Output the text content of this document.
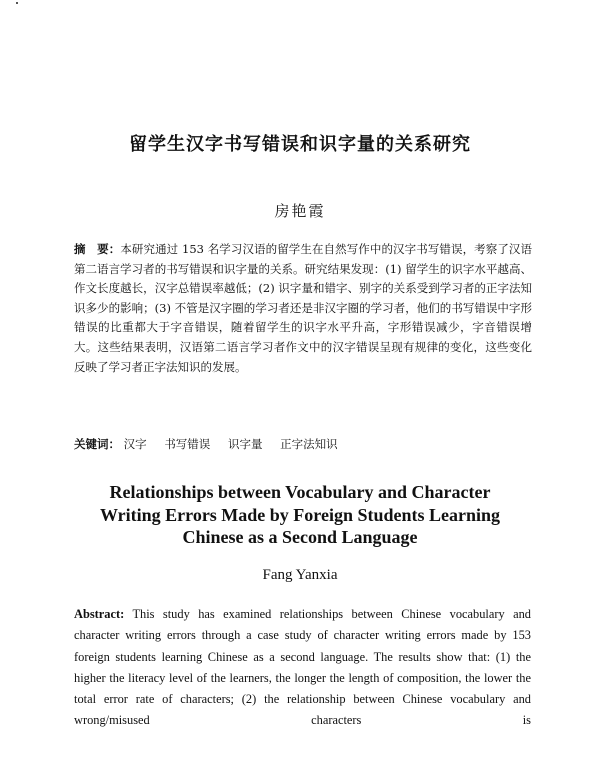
留学生汉字书写错误和识字量的关系研究
房艳霞
摘　要：本研究通过 153 名学习汉语的留学生在自然写作中的汉字书写错误，考察了汉语第二语言学习者的书写错误和识字量的关系。研究结果发现：(1) 留学生的识字水平越高、作文长度越长，汉字总错误率越低；(2) 识字量和错字、别字的关系受到学习者的正字法知识多少的影响；(3) 不管是汉字圈的学习者还是非汉字圈的学习者，他们的书写错误中字形错误的比重都大于字音错误，随着留学生的识字水平升高，字形错误减少，字音错误增大。这些结果表明，汉语第二语言学习者作文中的汉字错误呈现有规律的变化，这些变化反映了学习者正字法知识的发展。
关键词： 汉字 书写错误 识字量 正字法知识
Relationships between Vocabulary and Character
Writing Errors Made by Foreign Students Learning
Chinese as a Second Language
Fang Yanxia
Abstract: This study has examined relationships between Chinese vocabulary and character writing errors through a case study of character writing errors made by 153 foreign students learning Chinese as a second language. The results show that: (1) the higher the literacy level of the learners, the longer the length of composition, the lower the total error rate of characters; (2) the relationship between Chinese vocabulary and wrong/misused characters is
